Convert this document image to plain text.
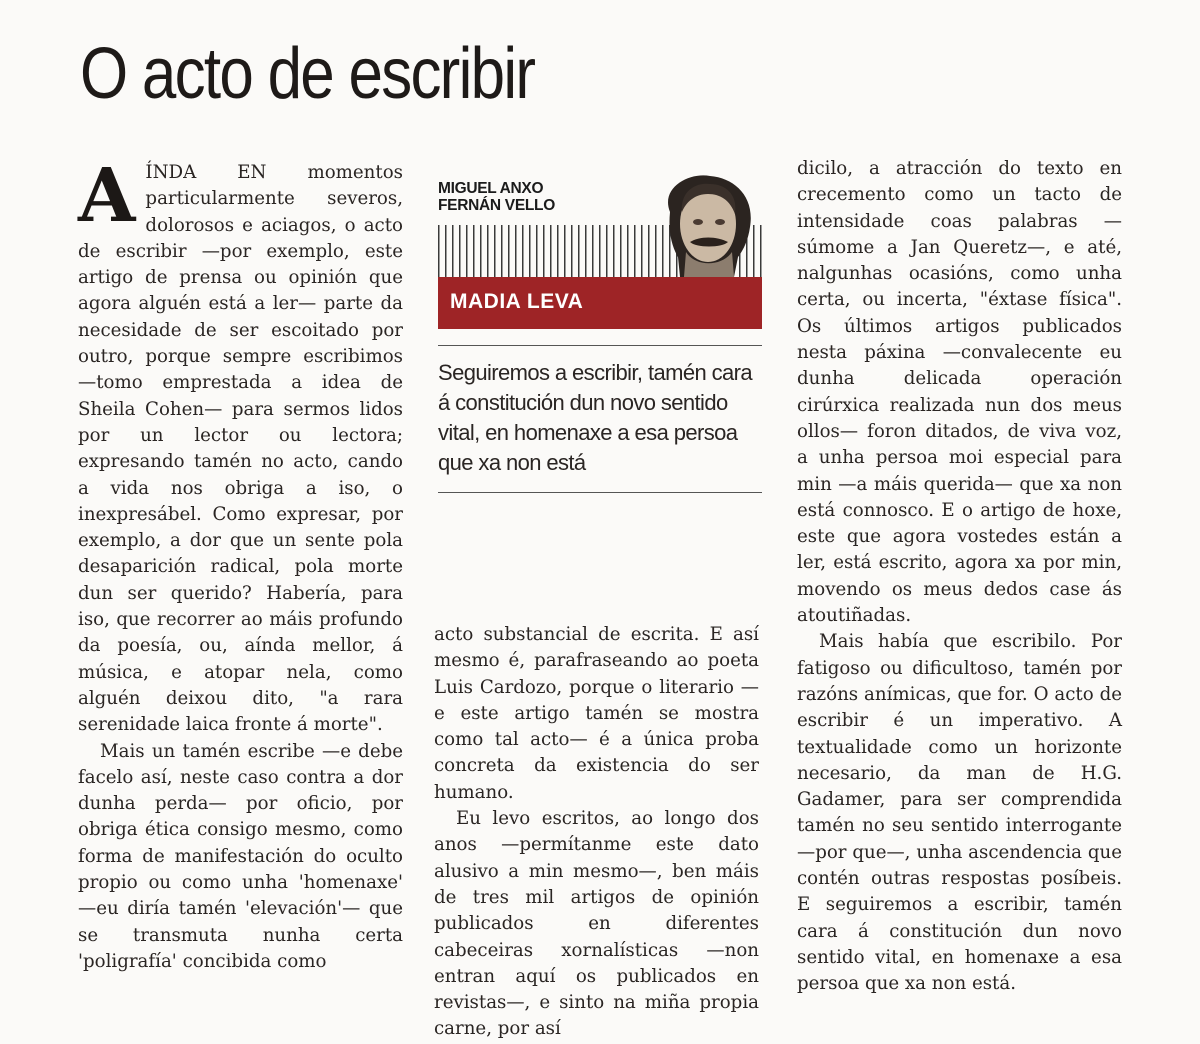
O acto de escribir

AÍNDA EN momentos particularmente severos, dolorosos e aciagos, o acto de escribir —por exemplo, este artigo de prensa ou opinión que agora alguén está a ler— parte da necesidade de ser escoitado por outro, porque sempre escribimos —tomo emprestada a idea de Sheila Cohen— para sermos lidos por un lector ou lectora; expresando tamén no acto, cando a vida nos obriga a iso, o inexpresábel. Como expresar, por exemplo, a dor que un sente pola desaparición radical, pola morte dun ser querido? Habería, para iso, que recorrer ao máis profundo da poesía, ou, aínda mellor, á música, e atopar nela, como alguén deixou dito, "a rara serenidade laica fronte á morte".

Mais un tamén escribe —e debe facelo así, neste caso contra a dor dunha perda— por oficio, por obriga ética consigo mesmo, como forma de manifestación do oculto propio ou como unha 'homenaxe' —eu diría tamén 'elevación'— que se transmuta nunha certa 'poligrafía' concibida como

MIGUEL ANXO
FERNÁN VELLO
MADIA LEVA
Seguiremos a escribir, tamén cara á constitución dun novo sentido vital, en homenaxe a esa persoa que xa non está

acto substancial de escrita. E así mesmo é, parafraseando ao poeta Luis Cardozo, porque o literario —e este artigo tamén se mostra como tal acto— é a única proba concreta da existencia do ser humano.

Eu levo escritos, ao longo dos anos —permítanme este dato alusivo a min mesmo—, ben máis de tres mil artigos de opinión publicados en diferentes cabeceiras xornalísticas —non entran aquí os publicados en revistas—, e sinto na miña propia carne, por así

dicilo, a atracción do texto en crecemento como un tacto de intensidade coas palabras —súmome a Jan Queretz—, e até, nalgunhas ocasións, como unha certa, ou incerta, "éxtase física". Os últimos artigos publicados nesta páxina —convalecente eu dunha delicada operación cirúrxica realizada nun dos meus ollos— foron ditados, de viva voz, a unha persoa moi especial para min —a máis querida— que xa non está connosco. E o artigo de hoxe, este que agora vostedes están a ler, está escrito, agora xa por min, movendo os meus dedos case ás atoutiñadas.

Mais había que escribilo. Por fatigoso ou dificultoso, tamén por razóns anímicas, que for. O acto de escribir é un imperativo. A textualidade como un horizonte necesario, da man de H.G. Gadamer, para ser comprendida tamén no seu sentido interrogante —por que—, unha ascendencia que contén outras respostas posíbeis. E seguiremos a escribir, tamén cara á constitución dun novo sentido vital, en homenaxe a esa persoa que xa non está.
